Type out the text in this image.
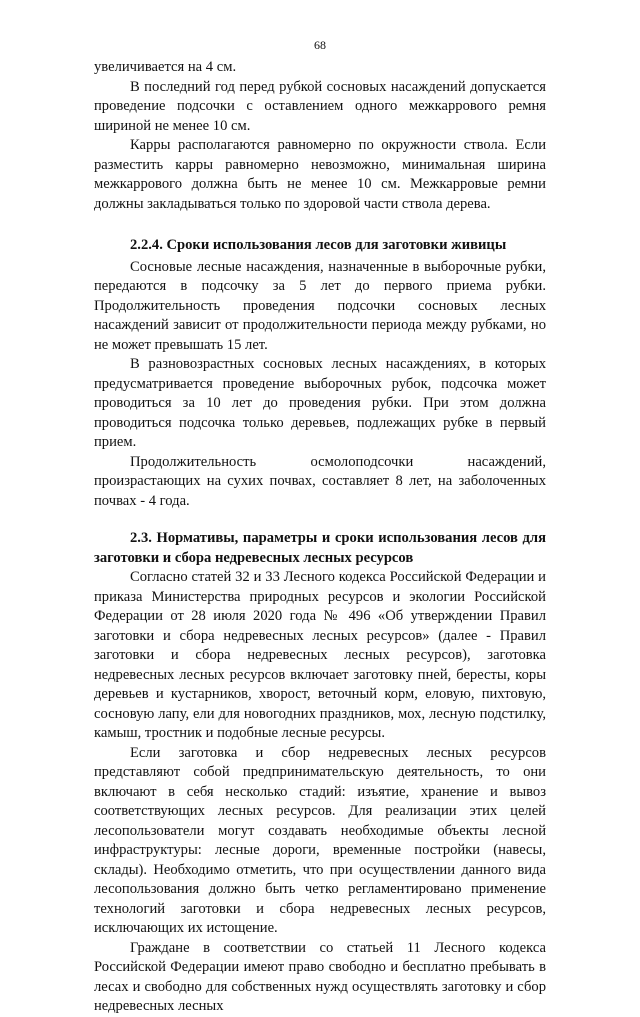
68

увеличивается на 4 см.

В последний год перед рубкой сосновых насаждений допускается проведение подсочки с оставлением одного межкаррового ремня шириной не менее 10 см.

Карры располагаются равномерно по окружности ствола. Если разместить карры равномерно невозможно, минимальная ширина межкаррового должна быть не менее 10 см. Межкарровые ремни должны закладываться только по здоровой части ствола дерева.

2.2.4. Сроки использования лесов для заготовки живицы

Сосновые лесные насаждения, назначенные в выборочные рубки, передаются в подсочку за 5 лет до первого приема рубки. Продолжительность проведения подсочки сосновых лесных насаждений зависит от продолжительности периода между рубками, но не может превышать 15 лет.

В разновозрастных сосновых лесных насаждениях, в которых предусматривается проведение выборочных рубок, подсочка может проводиться за 10 лет до проведения рубки. При этом должна проводиться подсочка только деревьев, подлежащих рубке в первый прием.

Продолжительность осмолоподсочки насаждений, произрастающих на сухих почвах, составляет 8 лет, на заболоченных почвах - 4 года.

2.3. Нормативы, параметры и сроки использования лесов для заготовки и сбора недревесных лесных ресурсов

Согласно статей 32 и 33 Лесного кодекса Российской Федерации и приказа Министерства природных ресурсов и экологии Российской Федерации от 28 июля 2020 года № 496 «Об утверждении Правил заготовки и сбора недревесных лесных ресурсов» (далее - Правил заготовки и сбора недревесных лесных ресурсов), заготовка недревесных лесных ресурсов включает заготовку пней, бересты, коры деревьев и кустарников, хворост, веточный корм, еловую, пихтовую, сосновую лапу, ели для новогодних праздников, мох, лесную подстилку, камыш, тростник и подобные лесные ресурсы.

Если заготовка и сбор недревесных лесных ресурсов представляют собой предпринимательскую деятельность, то они включают в себя несколько стадий: изъятие, хранение и вывоз соответствующих лесных ресурсов. Для реализации этих целей лесопользователи могут создавать необходимые объекты лесной инфраструктуры: лесные дороги, временные постройки (навесы, склады). Необходимо отметить, что при осуществлении данного вида лесопользования должно быть четко регламентировано применение технологий заготовки и сбора недревесных лесных ресурсов, исключающих их истощение.

Граждане в соответствии со статьей 11 Лесного кодекса Российской Федерации имеют право свободно и бесплатно пребывать в лесах и свободно для собственных нужд осуществлять заготовку и сбор недревесных лесных
